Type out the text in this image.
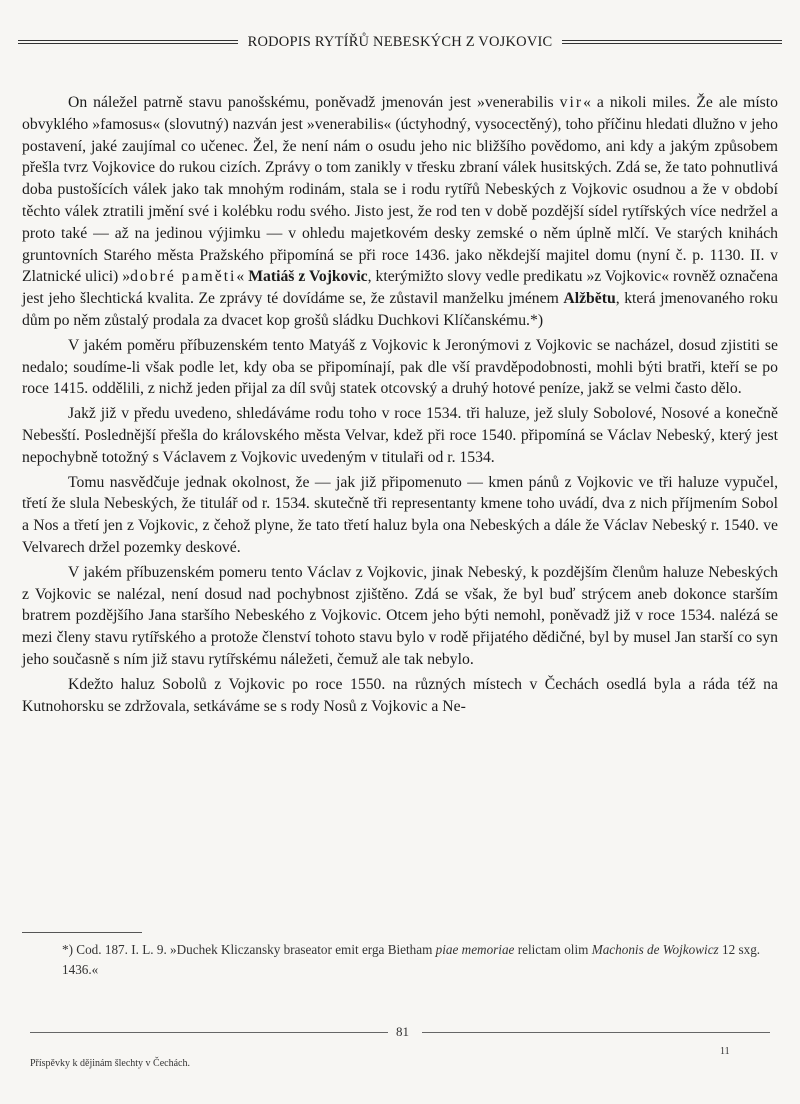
RODOPIS RYTÍŘŮ NEBESKÝCH Z VOJKOVIC

On náležel patrně stavu panošskému, poněvadž jmenován jest »venerabilis vir« a nikoli miles. Že ale místo obvyklého »famosus« (slovutný) nazván jest »venerabilis« (úctyhodný, vysocectěný), toho příčinu hledati dlužno v jeho postavení, jaké zaujímal co učenec. Žel, že není nám o osudu jeho nic bližšího povědomo, ani kdy a jakým způsobem přešla tvrz Vojkovice do rukou cizích. Zprávy o tom zanikly v třesku zbraní válek husitských. Zdá se, že tato pohnutlivá doba pustošících válek jako tak mnohým rodinám, stala se i rodu rytířů Nebeských z Vojkovic osudnou a že v období těchto válek ztratili jmění své i kolébku rodu svého. Jisto jest, že rod ten v době pozdější sídel rytířských více nedržel a proto také — až na jedinou výjimku — v ohledu majetkovém desky zemské o něm úplně mlčí. Ve starých knihách gruntovních Starého města Pražského připomíná se při roce 1436. jako někdejší majitel domu (nyní č. p. 1130. II. v Zlatnické ulici) »dobré paměti« Matiáš z Vojkovic, kterýmižto slovy vedle predikatu »z Vojkovic« rovněž označena jest jeho šlechtická kvalita. Ze zprávy té dovídáme se, že zůstavil manželku jménem Alžbětu, která jmenovaného roku dům po něm zůstalý prodala za dvacet kop grošů sládku Duchkovi Klíčanskému.*)

V jakém poměru příbuzenském tento Matyáš z Vojkovic k Jeronýmovi z Vojkovic se nacházel, dosud zjistiti se nedalo; soudíme-li však podle let, kdy oba se připomínají, pak dle vší pravděpodobnosti, mohli býti bratři, kteří se po roce 1415. oddělili, z nichž jeden přijal za díl svůj statek otcovský a druhý hotové peníze, jakž se velmi často dělo.

Jakž již v předu uvedeno, shledáváme rodu toho v roce 1534. tři haluze, jež sluly Sobolové, Nosové a konečně Nebesští. Poslednější přešla do královského města Velvar, kdež při roce 1540. připomíná se Václav Nebeský, který jest nepochybně totožný s Václavem z Vojkovic uvedeným v titulaři od r. 1534.

Tomu nasvědčuje jednak okolnost, že — jak již připomenuto — kmen pánů z Vojkovic ve tři haluze vypučel, třetí že slula Nebeských, že titulář od r. 1534. skutečně tři representanty kmene toho uvádí, dva z nich příjmením Sobol a Nos a třetí jen z Vojkovic, z čehož plyne, že tato třetí haluz byla ona Nebeských a dále že Václav Nebeský r. 1540. ve Velvarech držel pozemky deskové.

V jakém příbuzenském pomeru tento Václav z Vojkovic, jinak Nebeský, k pozdějším členům haluze Nebeských z Vojkovic se nalézal, není dosud nad pochybnost zjištěno. Zdá se však, že byl buď strýcem aneb dokonce starším bratrem pozdějšího Jana staršího Nebeského z Vojkovic. Otcem jeho býti nemohl, poněvadž již v roce 1534. nalézá se mezi členy stavu rytířského a protože členství tohoto stavu bylo v rodě přijatého dědičné, byl by musel Jan starší co syn jeho současně s ním již stavu rytířskému náležeti, čemuž ale tak nebylo.

Kdežto haluz Sobolů z Vojkovic po roce 1550. na různých místech v Čechách osedlá byla a ráda též na Kutnohorsku se zdržovala, setkáváme se s rody Nosů z Vojkovic a Ne-

*) Cod. 187. I. L. 9. »Duchek Kliczansky braseator emit erga Bietham piae memoriae relictam olim Machonis de Wojkowicz 12 sxg. 1436.«
81
Příspěvky k dějinám šlechty v Čechách.
11
